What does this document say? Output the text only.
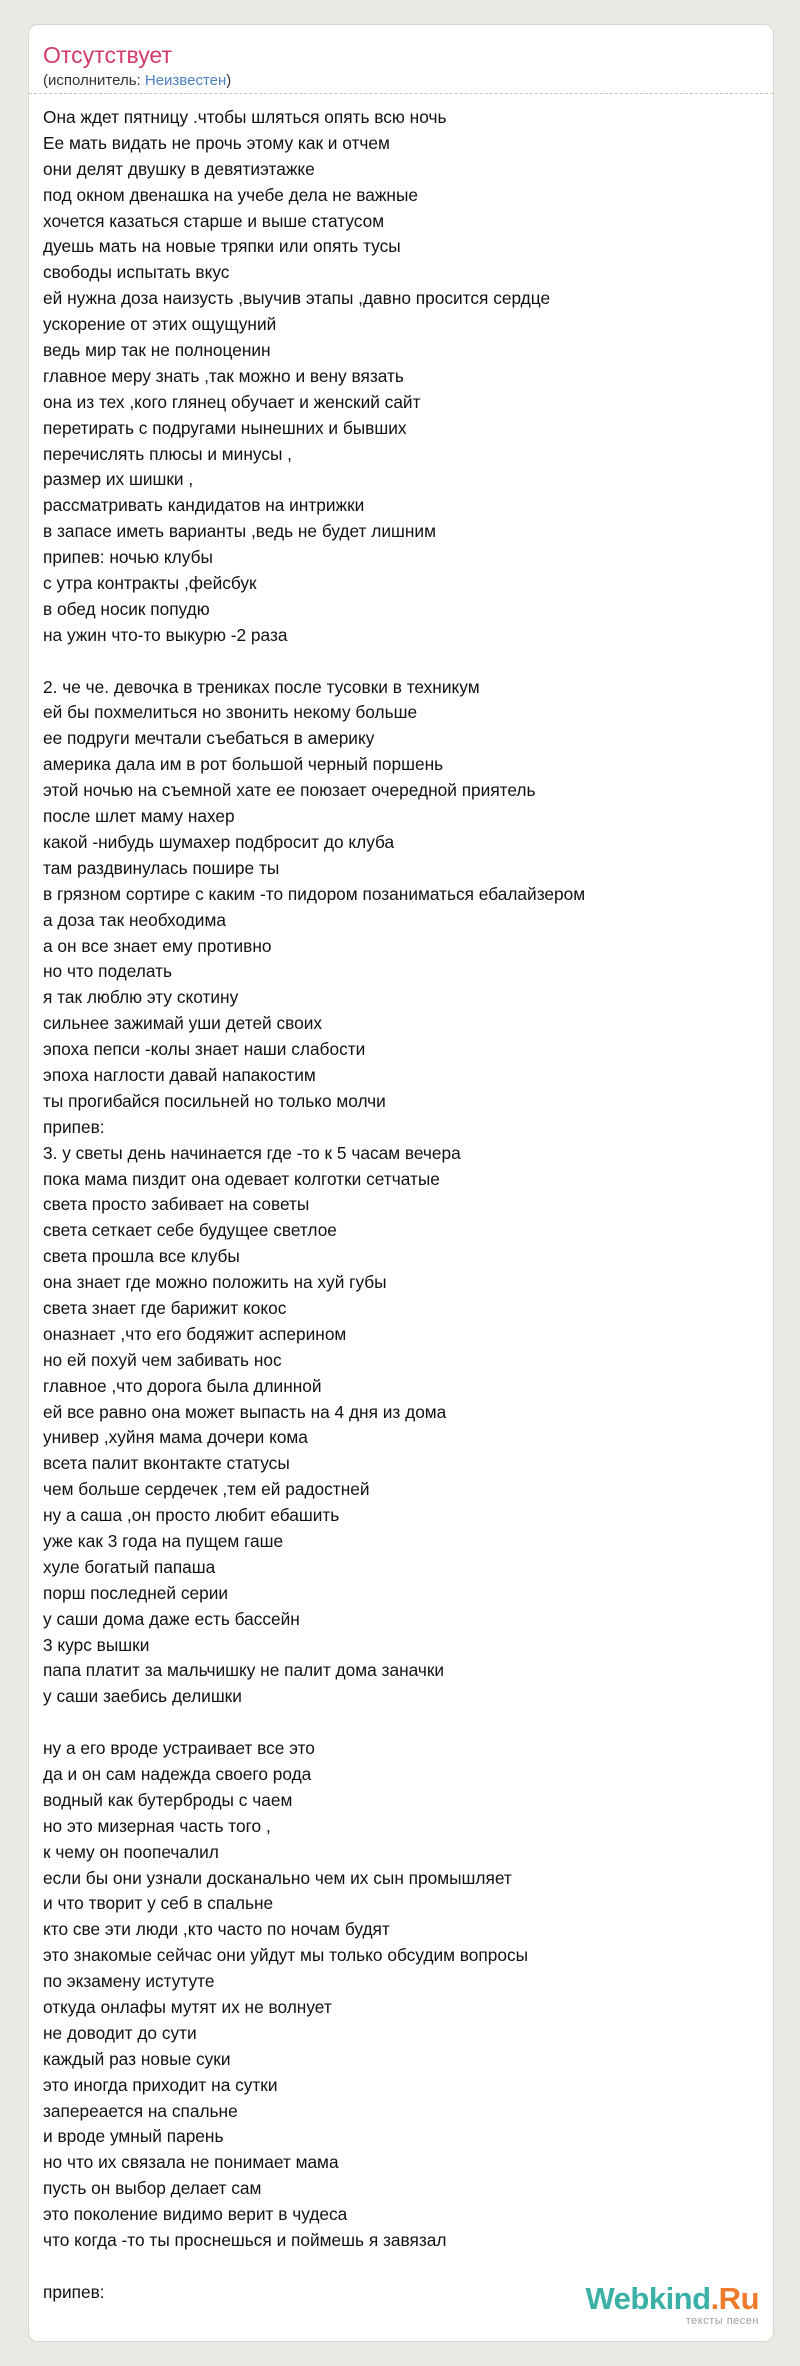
Отсутствует
(исполнитель: Неизвестен)
Она ждет пятницу .чтобы шляться опять всю ночь
Ее мать видать не прочь этому как и отчем
они делят двушку в девятиэтажке
под окном двенашка на учебе дела не важные
хочется казаться старше и выше статусом
дуешь мать на новые тряпки или опять тусы
свободы испытать вкус
ей нужна доза наизусть ,выучив этапы ,давно просится сердце
ускорение от этих ощущуний
ведь мир так не полноценин
главное меру знать ,так можно и вену вязать
она из тех ,кого глянец обучает и женский сайт
перетирать с подругами нынешних и бывших
перечислять плюсы и минусы ,
размер их шишки ,
рассматривать кандидатов на интрижки
в запасе иметь варианты ,ведь не будет лишним
припев: ночью клубы
с утра контракты ,фейсбук
в обед носик попудю
на ужин что-то выкурю -2 раза
2. че че. девочка в трениках после тусовки в техникум
ей бы похмелиться но звонить некому больше
ее подруги мечтали съебаться в америку
америка дала им в рот большой черный поршень
этой ночью на съемной хате ее поюзает очередной приятель
после шлет маму нахер
какой -нибудь шумахер подбросит до клуба
там раздвинулась пошире ты
в грязном сортире с каким -то пидором позаниматься ебалайзером
а доза так необходима
а он все знает ему противно
но что поделать
я так люблю эту скотину
сильнее зажимай уши детей своих
эпоха пепси -колы знает наши слабости
эпоха наглости давай напакостим
ты прогибайся посильней но только молчи
припев:
3. у светы день начинается где -то к 5 часам вечера
пока мама пиздит она одевает колготки сетчатые
света просто забивает на советы
света сеткает себе будущее светлое
света прошла все клубы
она знает где можно положить на хуй губы
света знает где барижит кокос
оназнает ,что его бодяжит асперином
но ей похуй чем забивать нос
главное ,что дорога была длинной
ей все равно она может выпасть на 4 дня из дома
универ ,хуйня мама дочери кома
всета палит вконтакте статусы
чем больше сердечек ,тем ей радостней
ну а саша ,он просто любит ебашить
уже как 3 года на пущем гаше
хуле богатый папаша
порш последней серии
у саши дома даже есть бассейн
3 курс вышки
папа платит за мальчишку не палит дома заначки
у саши заебись делишки
ну а его вроде устраивает все это
да и он сам надежда своего рода
водный как бутерброды с чаем
но это мизерная часть того ,
к чему он поопечалил
если бы они узнали досканально чем их сын промышляет
и что творит у себ в спальне
кто све эти люди ,кто часто по ночам будят
это знакомые сейчас они уйдут мы только обсудим вопросы
по экзамену истутуте
откуда онлафы мутят их не волнует
не доводит до сути
каждый раз новые суки
это иногда приходит на сутки
запереается на спальне
и вроде умный парень
но что их связала не понимает мама
пусть он выбор делает сам
это поколение видимо верит в чудеса
что когда -то ты проснешься и поймешь я завязал
припев:	Webkind.Ru
тексты песен
